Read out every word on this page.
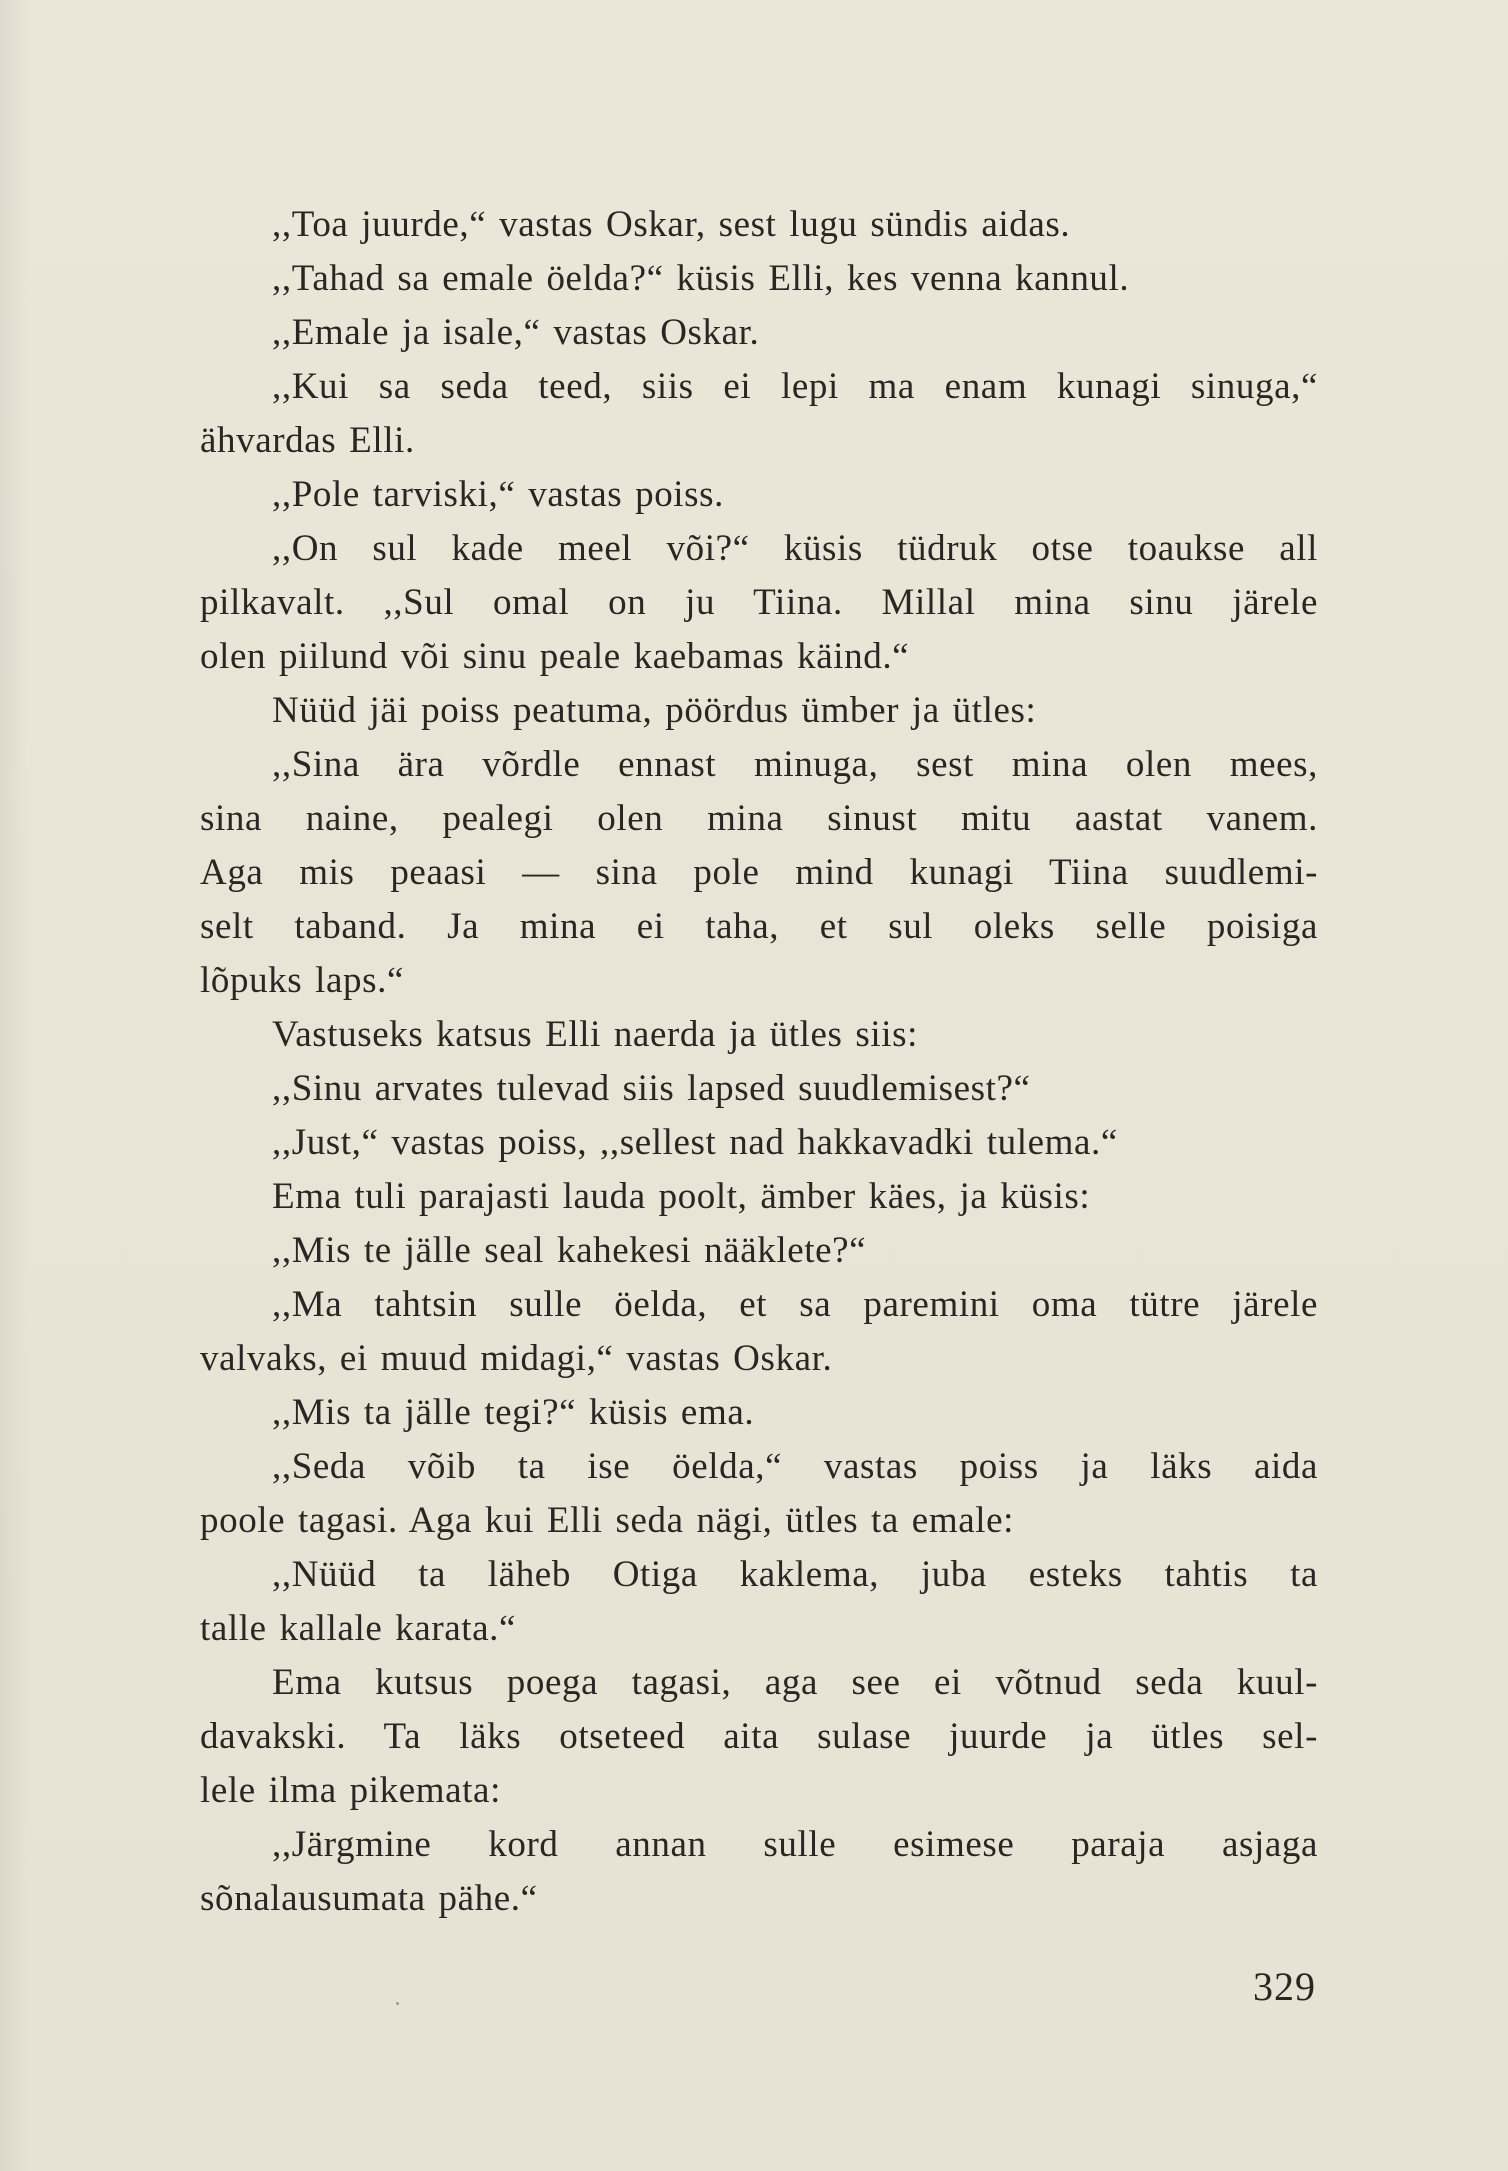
,,Toa juurde,“ vastas Oskar, sest lugu sündis aidas.
,,Tahad sa emale öelda?“ küsis Elli, kes venna kannul.
,,Emale ja isale,“ vastas Oskar.
,,Kui sa seda teed, siis ei lepi ma enam kunagi sinuga,“
ähvardas Elli.
,,Pole tarviski,“ vastas poiss.
,,On sul kade meel või?“ küsis tüdruk otse toaukse all
pilkavalt. ,,Sul omal on ju Tiina. Millal mina sinu järele
olen piilund või sinu peale kaebamas käind.“
Nüüd jäi poiss peatuma, pöördus ümber ja ütles:
,,Sina ära võrdle ennast minuga, sest mina olen mees,
sina naine, pealegi olen mina sinust mitu aastat vanem.
Aga mis peaasi — sina pole mind kunagi Tiina suudlemi-
selt taband. Ja mina ei taha, et sul oleks selle poisiga
lõpuks laps.“
Vastuseks katsus Elli naerda ja ütles siis:
,,Sinu arvates tulevad siis lapsed suudlemisest?“
,,Just,“ vastas poiss, ,,sellest nad hakkavadki tulema.“
Ema tuli parajasti lauda poolt, ämber käes, ja küsis:
,,Mis te jälle seal kahekesi nääklete?“
,,Ma tahtsin sulle öelda, et sa paremini oma tütre järele
valvaks, ei muud midagi,“ vastas Oskar.
,,Mis ta jälle tegi?“ küsis ema.
,,Seda võib ta ise öelda,“ vastas poiss ja läks aida
poole tagasi. Aga kui Elli seda nägi, ütles ta emale:
,,Nüüd ta läheb Otiga kaklema, juba esteks tahtis ta
talle kallale karata.“
Ema kutsus poega tagasi, aga see ei võtnud seda kuul-
davakski. Ta läks otseteed aita sulase juurde ja ütles sel-
lele ilma pikemata:
,,Järgmine kord annan sulle esimese paraja asjaga
sõnalausumata pähe.“
329
